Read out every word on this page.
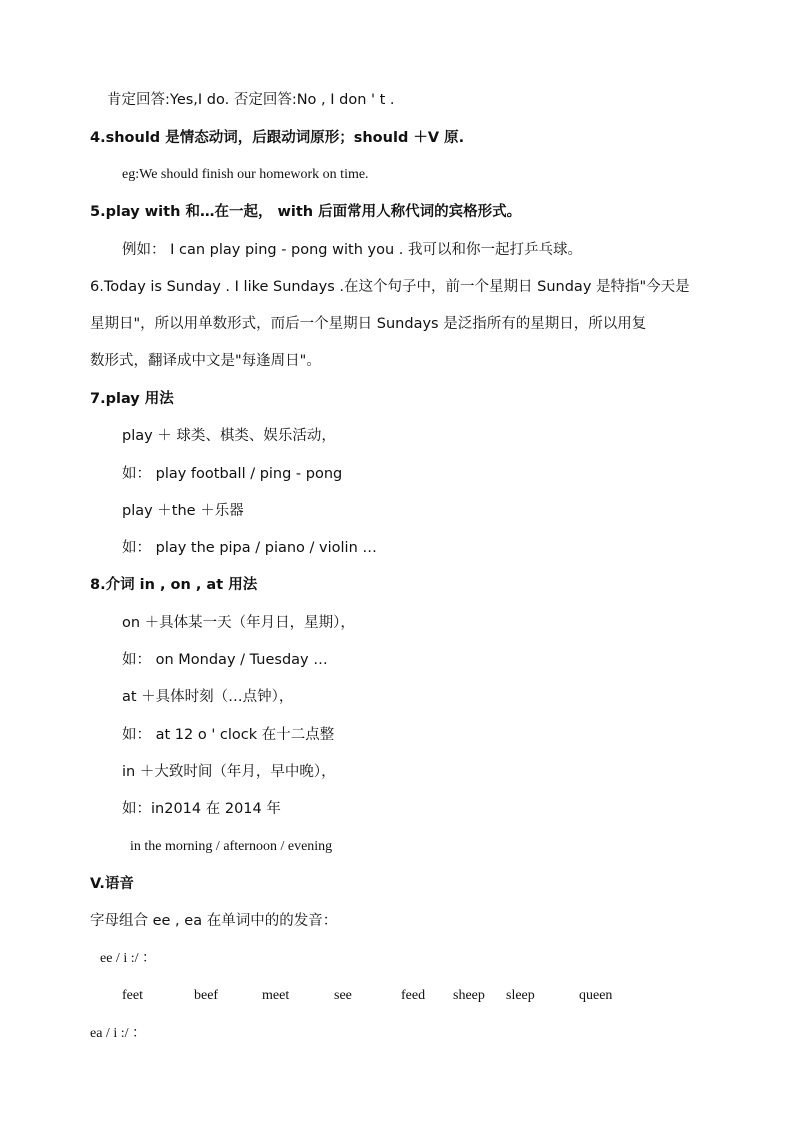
肯定回答:Yes,I do. 否定回答:No , I don ' t .
4.should 是情态动词，后跟动词原形；should ＋V 原.
eg:We should finish our homework on time.
5.play with 和…在一起， with 后面常用人称代词的宾格形式。
例如： I can play ping - pong with you . 我可以和你一起打乒乓球。
6.Today is Sunday . I like Sundays .在这个句子中，前一个星期日 Sunday 是特指"今天是
星期日"，所以用单数形式，而后一个星期日 Sundays 是泛指所有的星期日，所以用复
数形式，翻译成中文是"每逢周日"。
7.play 用法
play ＋ 球类、棋类、娱乐活动，
如： play football / ping - pong
play ＋the ＋乐器
如： play the pipa / piano / violin …
8.介词 in , on , at 用法
on ＋具体某一天（年月日，星期），
如： on Monday / Tuesday …
at ＋具体时刻（…点钟），
如： at 12 o ' clock 在十二点整
in ＋大致时间（年月，早中晚），
如：in2014 在 2014 年
in the morning / afternoon / evening
V.语音
字母组合 ee , ea 在单词中的的发音：
ee / i :/ ：
feet	beef	meet	see	feed sheep sleep	queen
ea / i :/ ：
